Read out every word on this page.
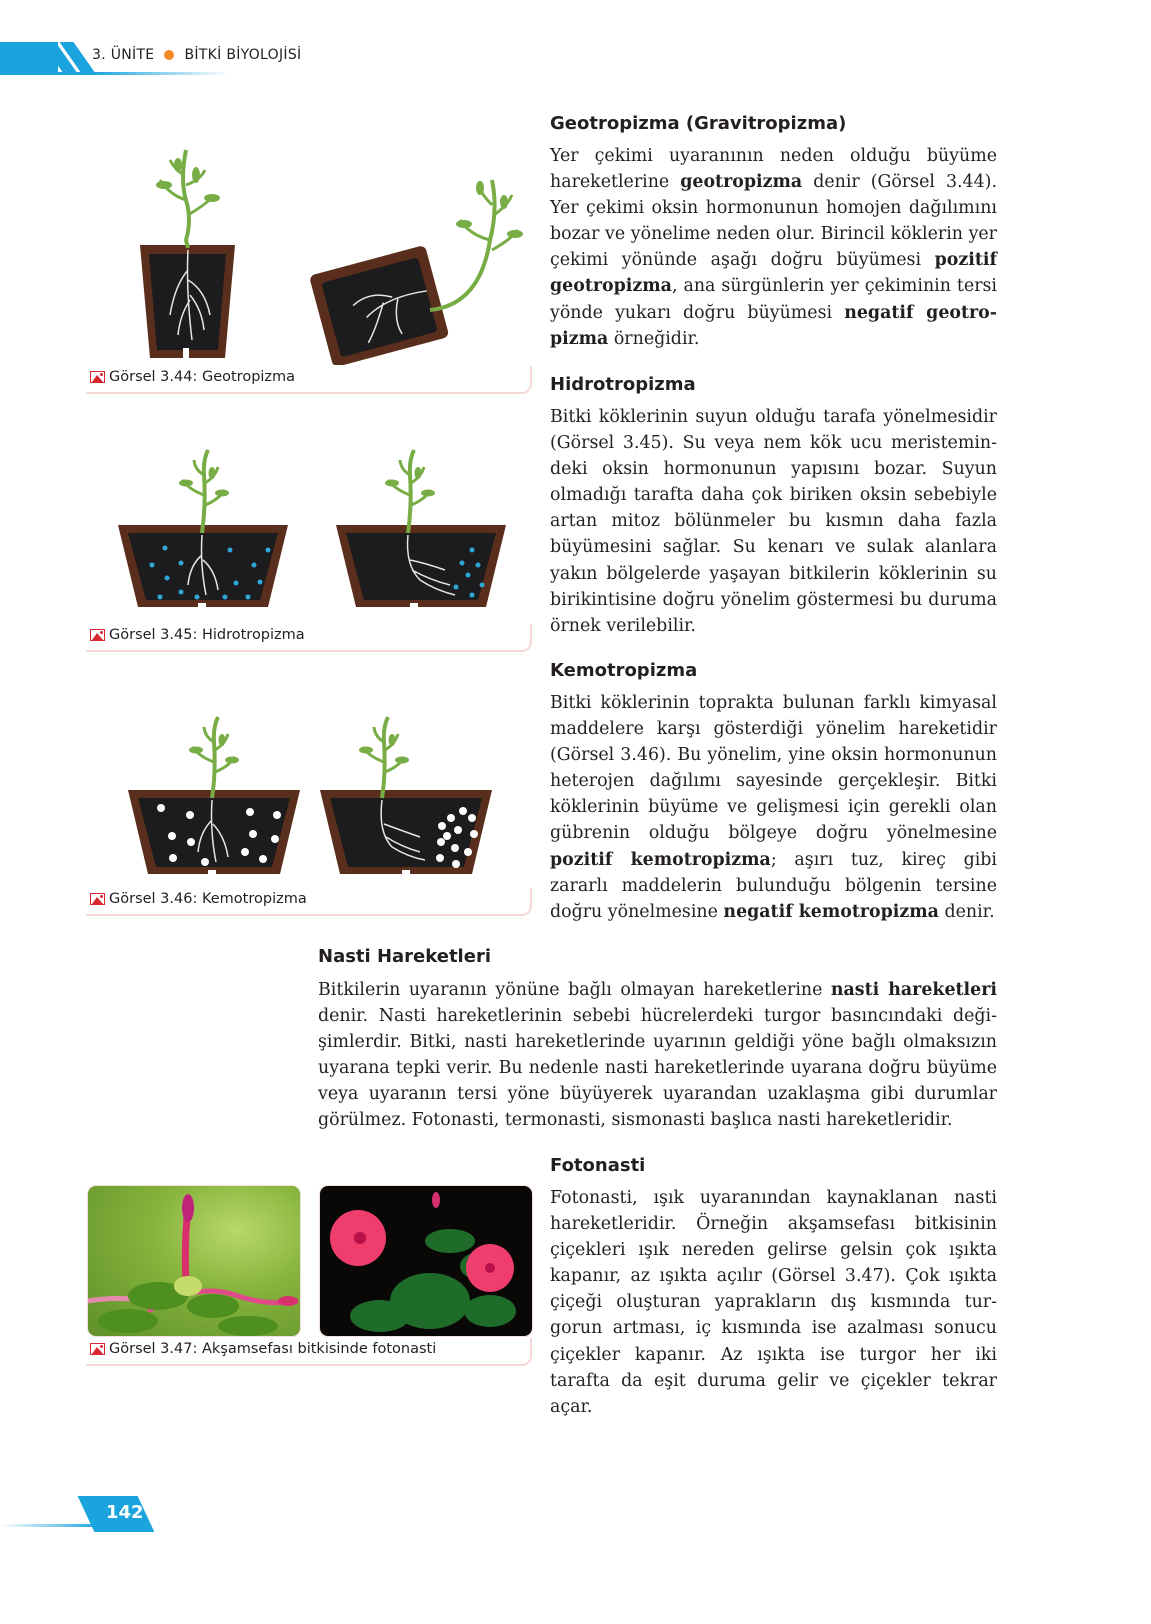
3. ÜNİTE BİTKİ BİYOLOJİSİ
Görsel 3.44: Geotropizma
Görsel 3.45: Hidrotropizma
Görsel 3.46: Kemotropizma
Görsel 3.47: Akşamsefası bitkisinde fotonasti
Geotropizma (Gravitropizma)
Yer çekimi uyaranının neden olduğu büyüme hareketlerine geotropizma denir (Görsel 3.44). Yer çekimi oksin hormonunun homojen dağılımını bozar ve yönelime neden olur. Birincil köklerin yer çekimi yönünde aşağı doğru büyümesi pozitif geotropizma, ana sürgünlerin yer çekiminin tersi yönde yukarı doğru büyümesi negatif geotropizma örneğidir.
Hidrotropizma
Bitki köklerinin suyun olduğu tarafa yönelmesidir (Görsel 3.45). Su veya nem kök ucu meristemindeki oksin hormonunun yapısını bozar. Suyun olmadığı tarafta daha çok biriken oksin sebebiyle artan mitoz bölünmeler bu kısmın daha fazla büyümesini sağlar. Su kenarı ve sulak alanlara yakın bölgelerde yaşayan bitkilerin köklerinin su birikintisine doğru yönelim göstermesi bu duruma örnek verilebilir.
Kemotropizma
Bitki köklerinin toprakta bulunan farklı kimyasal maddelere karşı gösterdiği yönelim hareketidir (Görsel 3.46). Bu yönelim, yine oksin hormonunun heterojen dağılımı sayesinde gerçekleşir. Bitki köklerinin büyüme ve gelişmesi için gerekli olan gübrenin olduğu bölgeye doğru yönelmesine pozitif kemotropizma; aşırı tuz, kireç gibi zararlı maddelerin bulunduğu bölgenin tersine doğru yönelmesine negatif kemotropizma denir.
Nasti Hareketleri
Bitkilerin uyaranın yönüne bağlı olmayan hareketlerine nasti hareketleri denir. Nasti hareketlerinin sebebi hücrelerdeki turgor basıncındaki değişimlerdir. Bitki, nasti hareketlerinde uyarının geldiği yöne bağlı olmaksızın uyarana tepki verir. Bu nedenle nasti hareketlerinde uyarana doğru büyüme veya uyaranın tersi yöne büyüyerek uyarandan uzaklaşma gibi durumlar görülmez. Fotonasti, termonasti, sismonasti başlıca nasti hareketleridir.
Fotonasti
Fotonasti, ışık uyaranından kaynaklanan nasti hareketleridir. Örneğin akşamsefası bitkisinin çiçekleri ışık nereden gelirse gelsin çok ışıkta kapanır, az ışıkta açılır (Görsel 3.47). Çok ışıkta çiçeği oluşturan yaprakların dış kısmında turgorun artması, iç kısmında ise azalması sonucu çiçekler kapanır. Az ışıkta ise turgor her iki tarafta da eşit duruma gelir ve çiçekler tekrar açar.
142
